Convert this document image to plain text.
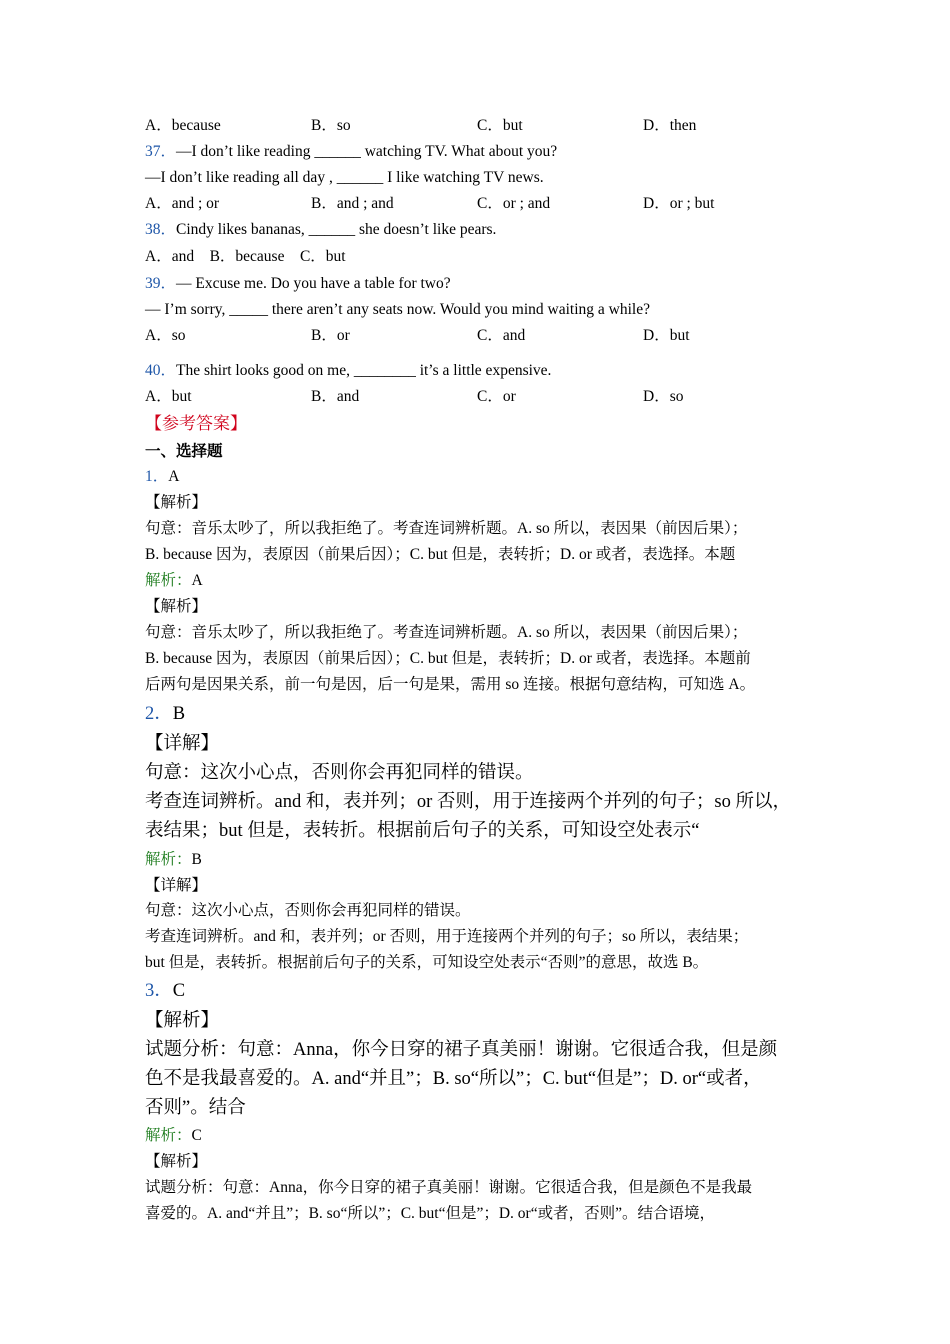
A．because	B．so	C．but	D．then
37．—I don’t like reading ______ watching TV. What about you?
—I don’t like reading all day , ______ I like watching TV news.
A．and ; or	B．and ; and	C．or ; and	D．or ; but
38．Cindy likes bananas, ______ she doesn’t like pears.
A．and　B．because　C．but
39．— Excuse me. Do you have a table for two?
— I’m sorry, _____ there aren’t any seats now. Would you mind waiting a while?
A．so	B．or	C．and	D．but
40．The shirt looks good on me, ________ it’s a little expensive.
A．but	B．and	C．or	D．so
【参考答案】
一、选择题
1．A
【解析】
句意：音乐太吵了，所以我拒绝了。考查连词辨析题。A. so 所以，表因果（前因后果）；
B. because 因为，表原因（前果后因）；C. but 但是，表转折；D. or 或者，表选择。本题
解析：A
【解析】
句意：音乐太吵了，所以我拒绝了。考查连词辨析题。A. so 所以，表因果（前因后果）；
B. because 因为，表原因（前果后因）；C. but 但是，表转折；D. or 或者，表选择。本题前
后两句是因果关系，前一句是因，后一句是果，需用 so 连接。根据句意结构，可知选 A。
2．B
【详解】
句意：这次小心点，否则你会再犯同样的错误。
考查连词辨析。and 和，表并列；or 否则，用于连接两个并列的句子；so 所以，
表结果；but 但是，表转折。根据前后句子的关系，可知设空处表示“
解析：B
【详解】
句意：这次小心点，否则你会再犯同样的错误。
考查连词辨析。and 和，表并列；or 否则，用于连接两个并列的句子；so 所以，表结果；
but 但是，表转折。根据前后句子的关系，可知设空处表示“否则”的意思，故选 B。
3．C
【解析】
试题分析：句意：Anna，你今日穿的裙子真美丽！谢谢。它很适合我，但是颜
色不是我最喜爱的。A. and“并且”；B. so“所以”；C. but“但是”；D. or“或者，
否则”。结合
解析：C
【解析】
试题分析：句意：Anna，你今日穿的裙子真美丽！谢谢。它很适合我，但是颜色不是我最
喜爱的。A. and“并且”；B. so“所以”；C. but“但是”；D. or“或者，否则”。结合语境，
